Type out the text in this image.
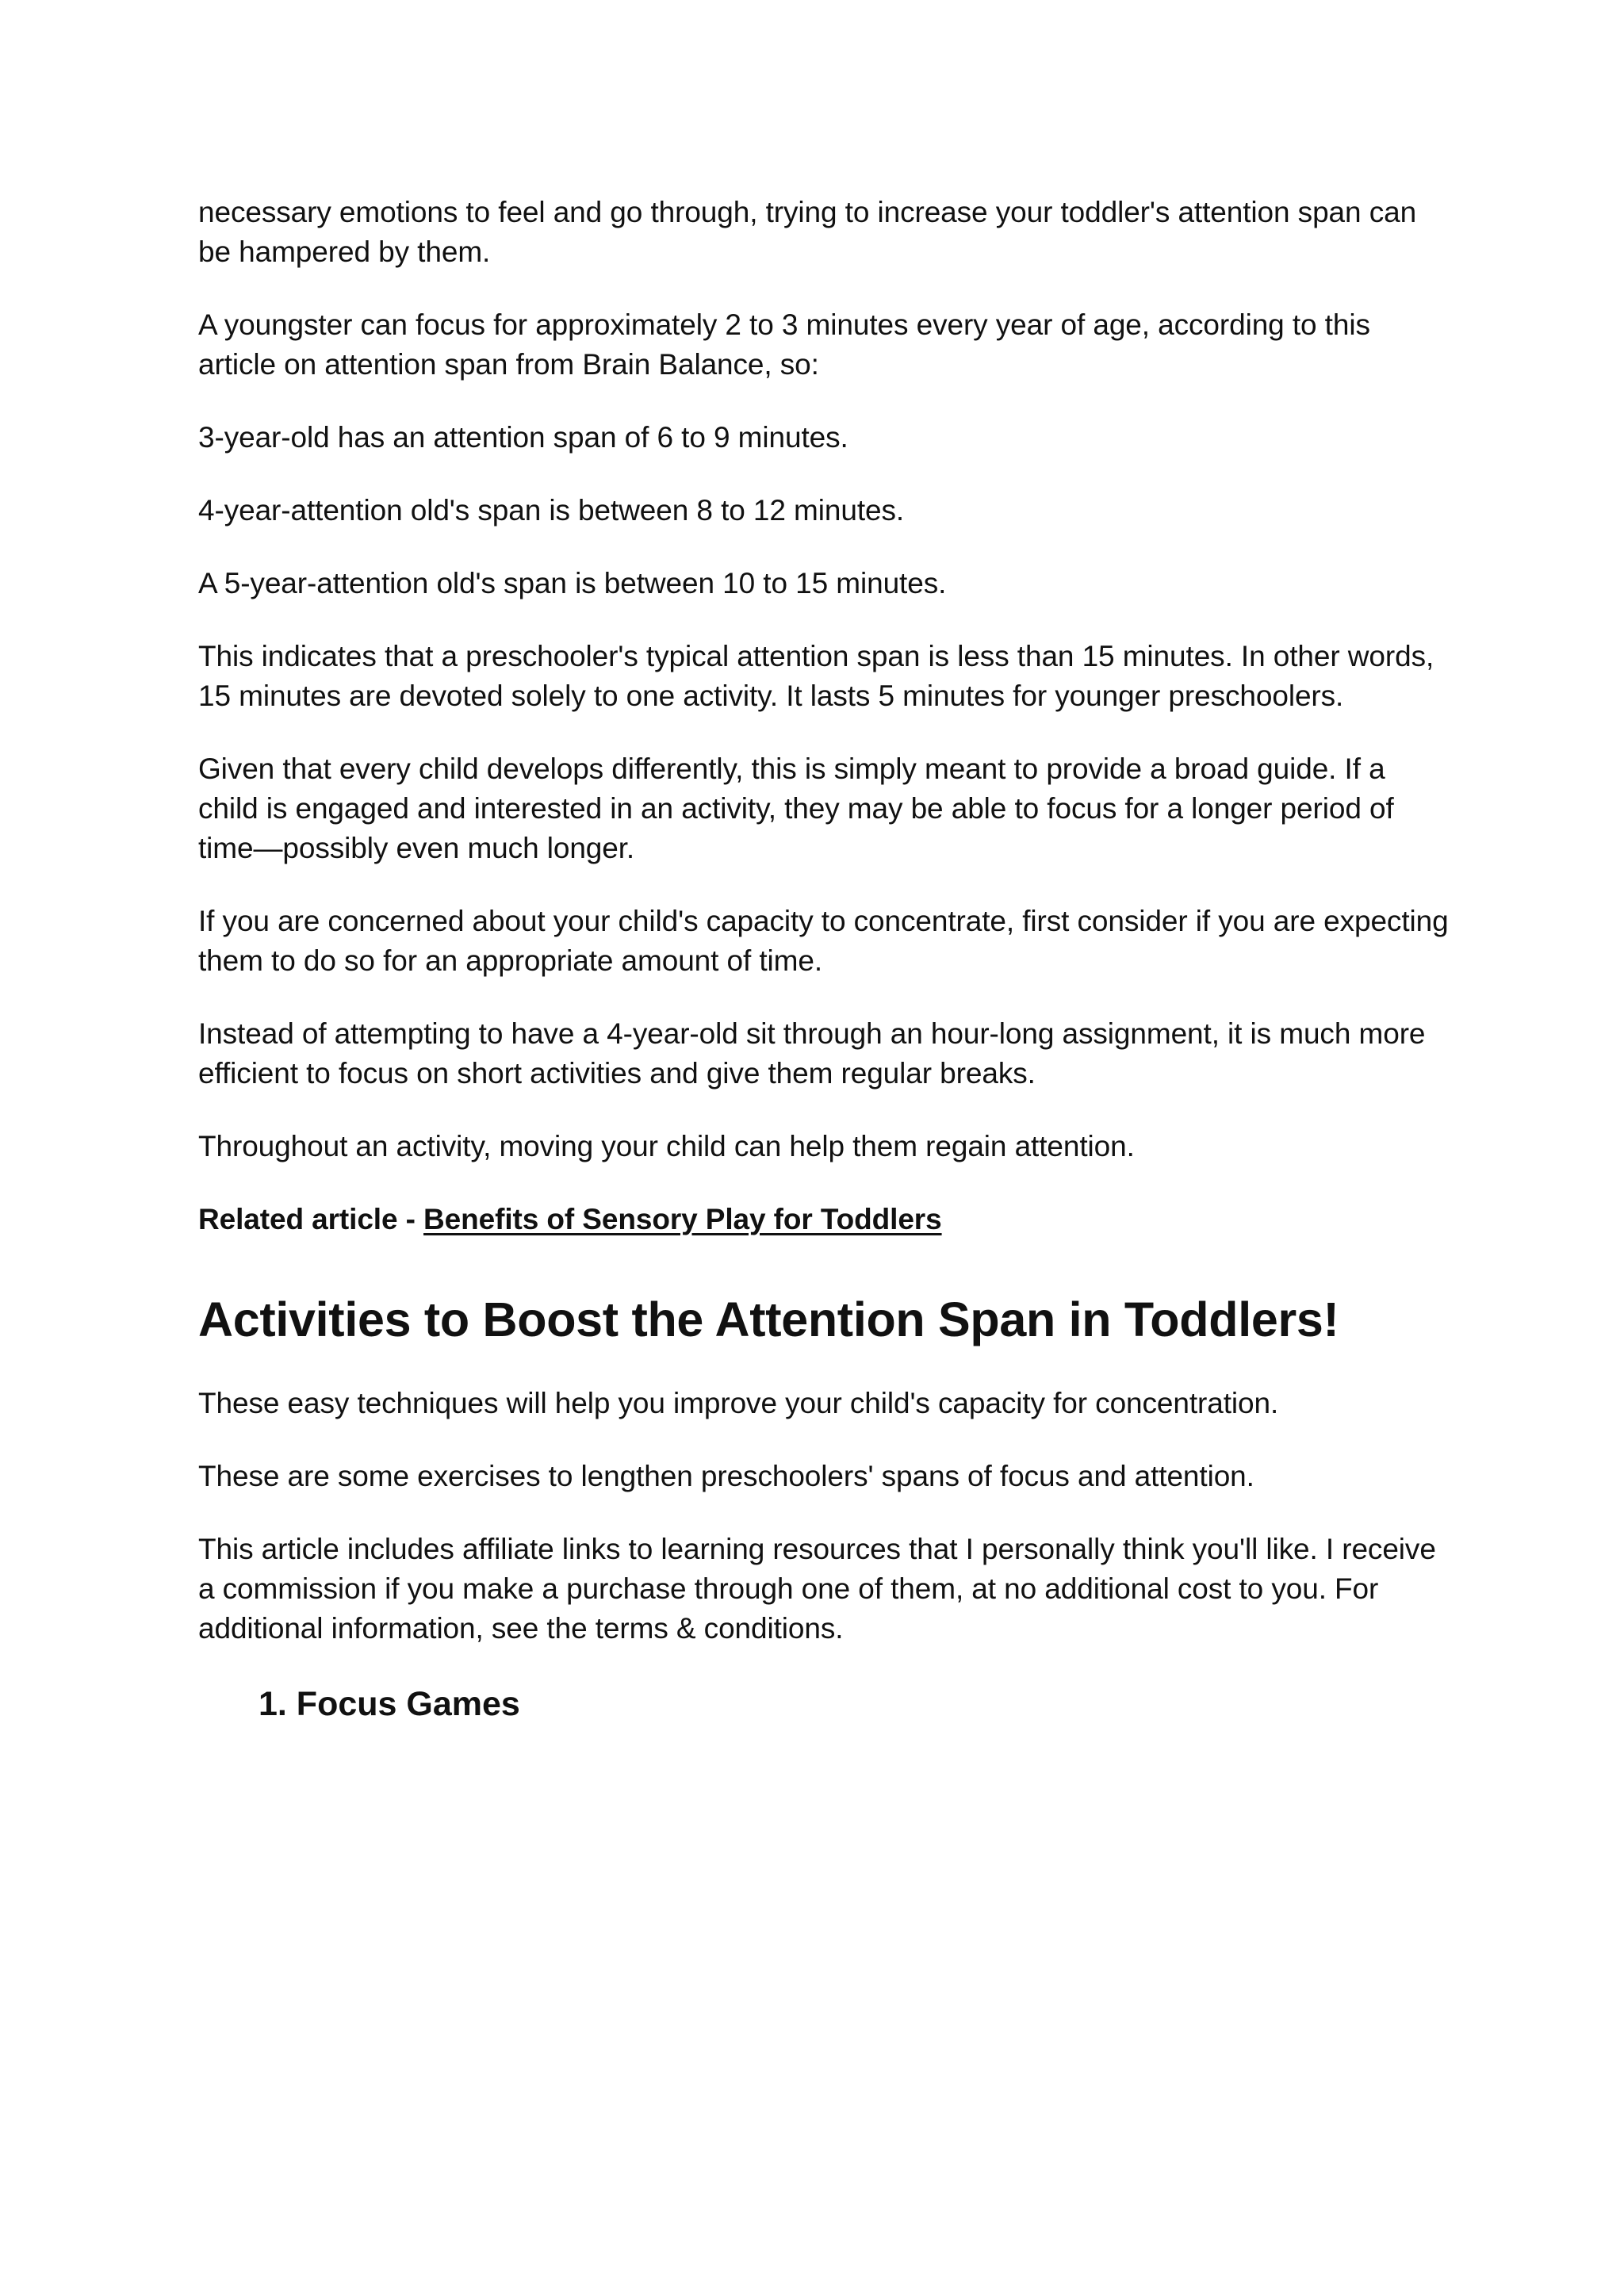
necessary emotions to feel and go through, trying to increase your toddler's attention span can be hampered by them.

A youngster can focus for approximately 2 to 3 minutes every year of age, according to this article on attention span from Brain Balance, so:

3-year-old has an attention span of 6 to 9 minutes.

4-year-attention old's span is between 8 to 12 minutes.

A 5-year-attention old's span is between 10 to 15 minutes.

This indicates that a preschooler's typical attention span is less than 15 minutes. In other words, 15 minutes are devoted solely to one activity. It lasts 5 minutes for younger preschoolers.

Given that every child develops differently, this is simply meant to provide a broad guide. If a child is engaged and interested in an activity, they may be able to focus for a longer period of time—possibly even much longer.

If you are concerned about your child's capacity to concentrate, first consider if you are expecting them to do so for an appropriate amount of time.

Instead of attempting to have a 4-year-old sit through an hour-long assignment, it is much more efficient to focus on short activities and give them regular breaks.

Throughout an activity, moving your child can help them regain attention.

Related article - Benefits of Sensory Play for Toddlers

Activities to Boost the Attention Span in Toddlers!

These easy techniques will help you improve your child's capacity for concentration.

These are some exercises to lengthen preschoolers' spans of focus and attention.

This article includes affiliate links to learning resources that I personally think you'll like. I receive a commission if you make a purchase through one of them, at no additional cost to you. For additional information, see the terms & conditions.

1. Focus Games
